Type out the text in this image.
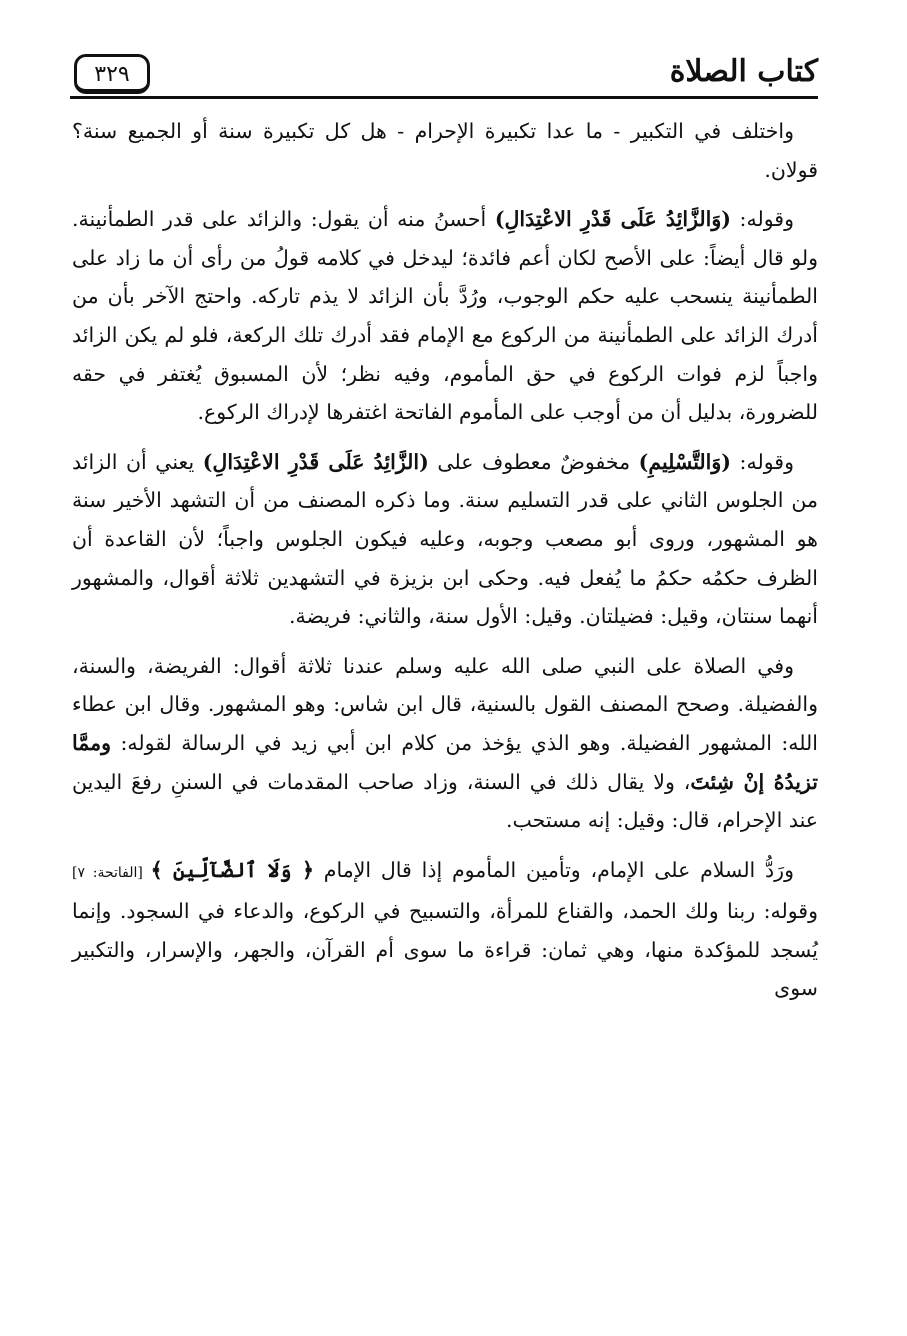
كتاب الصلاة
٣٢٩

واختلف في التكبير - ما عدا تكبيرة الإحرام - هل كل تكبيرة سنة أو الجميع سنة؟ قولان.

وقوله: (وَالزَّائِدُ عَلَى قَدْرِ الاعْتِدَالِ) أحسنُ منه أن يقول: والزائد على قدر الطمأنينة. ولو قال أيضاً: على الأصح لكان أعم فائدة؛ ليدخل في كلامه قولُ من رأى أن ما زاد على الطمأنينة ينسحب عليه حكم الوجوب، ورُدَّ بأن الزائد لا يذم تاركه. واحتج الآخر بأن من أدرك الزائد على الطمأنينة من الركوع مع الإمام فقد أدرك تلك الركعة، فلو لم يكن الزائد واجباً لزم فوات الركوع في حق المأموم، وفيه نظر؛ لأن المسبوق يُغتفر في حقه للضرورة، بدليل أن من أوجب على المأموم الفاتحة اغتفرها لإدراك الركوع.

وقوله: (وَالتَّسْلِيمِ) مخفوضٌ معطوف على (الزَّائِدُ عَلَى قَدْرِ الاعْتِدَالِ) يعني أن الزائد من الجلوس الثاني على قدر التسليم سنة. وما ذكره المصنف من أن التشهد الأخير سنة هو المشهور، وروى أبو مصعب وجوبه، وعليه فيكون الجلوس واجباً؛ لأن القاعدة أن الظرف حكمُه حكمُ ما يُفعل فيه. وحكى ابن بزيزة في التشهدين ثلاثة أقوال، والمشهور أنهما سنتان، وقيل: فضيلتان. وقيل: الأول سنة، والثاني: فريضة.

وفي الصلاة على النبي صلى الله عليه وسلم عندنا ثلاثة أقوال: الفريضة، والسنة، والفضيلة. وصحح المصنف القول بالسنية، قال ابن شاس: وهو المشهور. وقال ابن عطاء الله: المشهور الفضيلة. وهو الذي يؤخذ من كلام ابن أبي زيد في الرسالة لقوله: وممَّا تزيدُهُ إنْ شِئتَ، ولا يقال ذلك في السنة، وزاد صاحب المقدمات في السننِ رفعَ اليدين عند الإحرام، قال: وقيل: إنه مستحب.

ورَدُّ السلام على الإمام، وتأمين المأموم إذا قال الإمام ﴿ وَلَا ٱلضَّآلِّينَ ﴾ [الفاتحة: ٧] وقوله: ربنا ولك الحمد، والقناع للمرأة، والتسبيح في الركوع، والدعاء في السجود. وإنما يُسجد للمؤكدة منها، وهي ثمان: قراءة ما سوى أم القرآن، والجهر، والإسرار، والتكبير سوى
